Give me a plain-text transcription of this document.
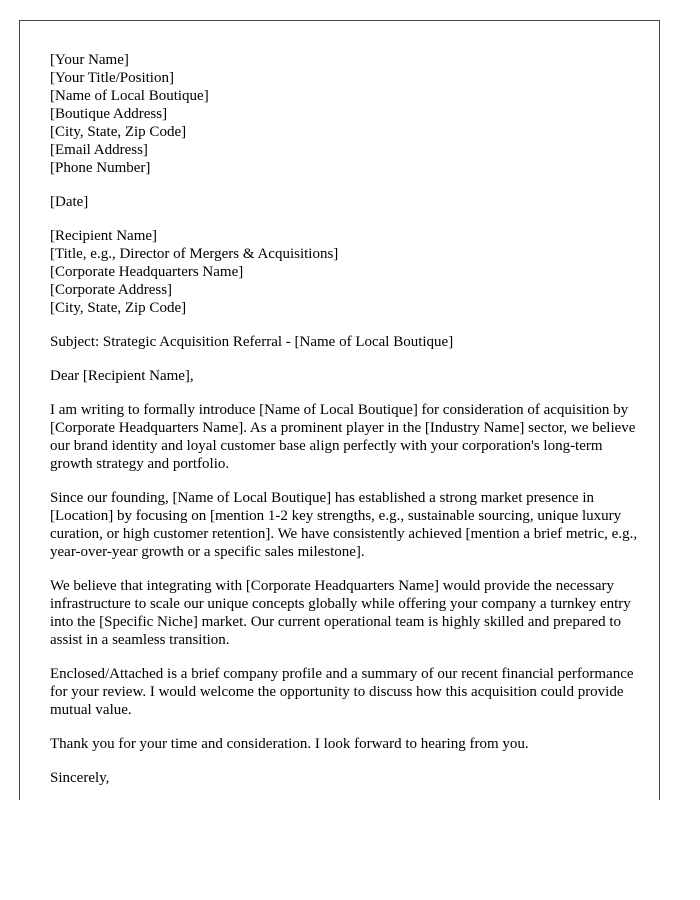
[Your Name]
[Your Title/Position]
[Name of Local Boutique]
[Boutique Address]
[City, State, Zip Code]
[Email Address]
[Phone Number]
[Date]
[Recipient Name]
[Title, e.g., Director of Mergers & Acquisitions]
[Corporate Headquarters Name]
[Corporate Address]
[City, State, Zip Code]

Subject: Strategic Acquisition Referral - [Name of Local Boutique]

Dear [Recipient Name],

I am writing to formally introduce [Name of Local Boutique] for consideration of acquisition by [Corporate Headquarters Name]. As a prominent player in the [Industry Name] sector, we believe our brand identity and loyal customer base align perfectly with your corporation's long-term growth strategy and portfolio.

Since our founding, [Name of Local Boutique] has established a strong market presence in [Location] by focusing on [mention 1-2 key strengths, e.g., sustainable sourcing, unique luxury curation, or high customer retention]. We have consistently achieved [mention a brief metric, e.g., year-over-year growth or a specific sales milestone].

We believe that integrating with [Corporate Headquarters Name] would provide the necessary infrastructure to scale our unique concepts globally while offering your company a turnkey entry into the [Specific Niche] market. Our current operational team is highly skilled and prepared to assist in a seamless transition.

Enclosed/Attached is a brief company profile and a summary of our recent financial performance for your review. I would welcome the opportunity to discuss how this acquisition could provide mutual value.

Thank you for your time and consideration. I look forward to hearing from you.

Sincerely,
